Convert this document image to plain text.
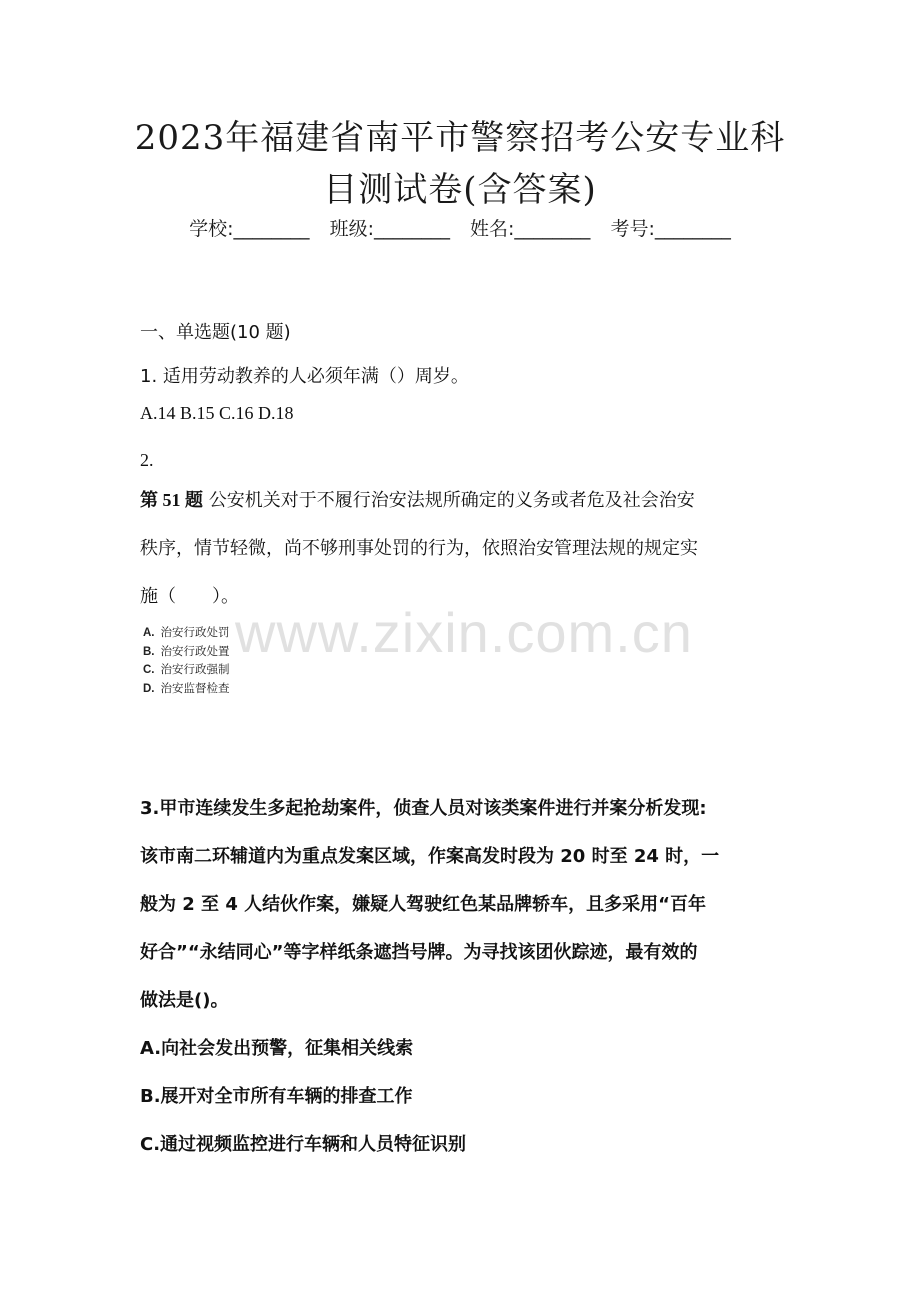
2023年福建省南平市警察招考公安专业科
目测试卷(含答案)
学校:________ 班级:________ 姓名:________ 考号:________
一、单选题(10 题)
1. 适用劳动教养的人必须年满（）周岁。
A.14 B.15 C.16 D.18
2.
第 51 题 公安机关对于不履行治安法规所确定的义务或者危及社会治安
秩序，情节轻微，尚不够刑事处罚的行为，依照治安管理法规的规定实
施（　　）。
A. 治安行政处罚
B. 治安行政处置
C. 治安行政强制
D. 治安监督检查
www.zixin.com.cn
3.甲市连续发生多起抢劫案件，侦查人员对该类案件进行并案分析发现:
该市南二环辅道内为重点发案区域，作案高发时段为 20 时至 24 时，一
般为 2 至 4 人结伙作案，嫌疑人驾驶红色某品牌轿车，且多采用“百年
好合”“永结同心”等字样纸条遮挡号牌。为寻找该团伙踪迹，最有效的
做法是()。
A.向社会发出预警，征集相关线索
B.展开对全市所有车辆的排查工作
C.通过视频监控进行车辆和人员特征识别
